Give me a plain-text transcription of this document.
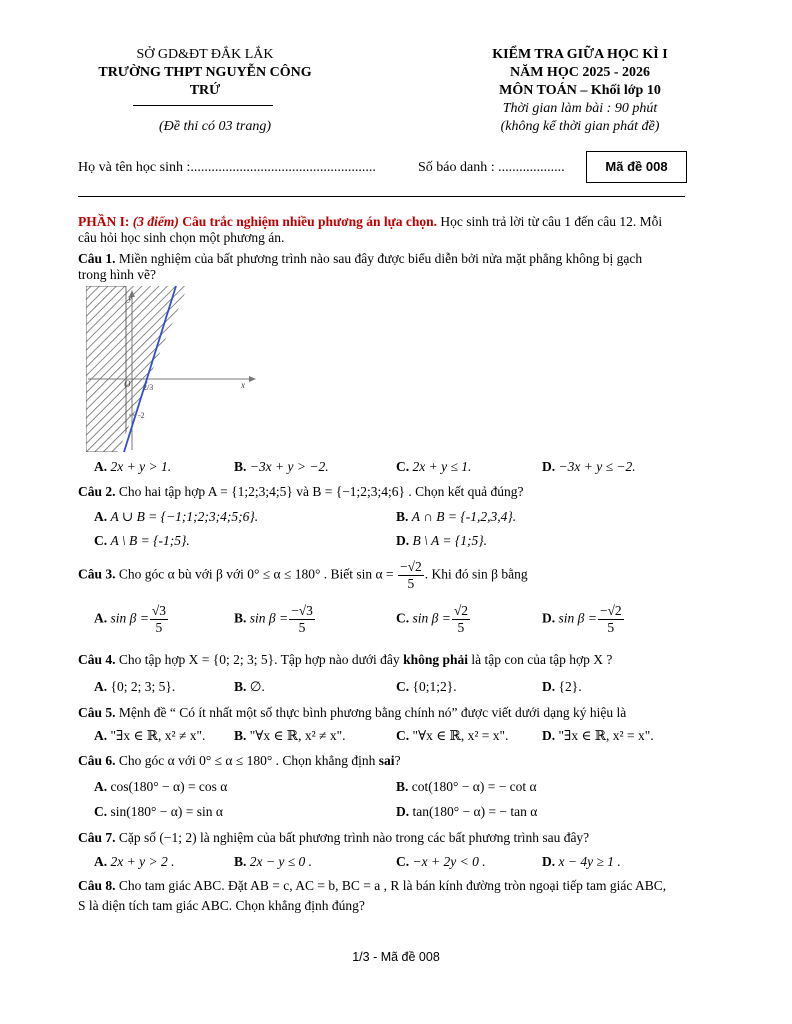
SỞ GD&ĐT ĐẮK LẮK
TRƯỜNG THPT NGUYỄN CÔNG TRỨ
(Đề thi có 03 trang)
KIỂM TRA GIỮA HỌC KÌ I
NĂM HỌC 2025 - 2026
MÔN TOÁN – Khối lớp 10
Thời gian làm bài : 90 phút
(không kể thời gian phát đề)
Họ và tên học sinh :.....................................................	Số báo danh : ...................	Mã đề 008
PHẦN I: (3 điểm) Câu trắc nghiệm nhiều phương án lựa chọn. Học sinh trả lời từ câu 1 đến câu 12. Mỗi
câu hỏi học sinh chọn một phương án.
Câu 1. Miền nghiệm của bất phương trình nào sau đây được biểu diễn bởi nửa mặt phẳng không bị gạch
trong hình vẽ?
y
x
O 2/3
-2
A. 2x + y > 1.	B. −3x + y > −2.	C. 2x + y ≤ 1.	D. −3x + y ≤ −2.
Câu 2. Cho hai tập hợp A = {1;2;3;4;5} và B = {−1;2;3;4;6} . Chọn kết quả đúng?
A. A ∪ B = {−1;1;2;3;4;5;6}.	B. A ∩ B = {-1,2,3,4}.
C. A \ B = {-1;5}.	D. B \ A = {1;5}.
Câu 3. Cho góc α bù với β với 0° ≤ α ≤ 180° . Biết $\sin \alpha = \frac{-√2}{5}$ . Khi đó sin β bằng
A. $\sin \beta = \frac{√3}{5}$	B. $\sin \beta = \frac{-√3}{5}$	C. $\sin \beta = \frac{√2}{5}$	D. $\sin \beta = \frac{-√2}{5}$
Câu 4. Cho tập hợp X = {0; 2; 3; 5}. Tập hợp nào dưới đây không phải là tập con của tập hợp X ?
A. {0; 2; 3; 5}.	B. ∅.	C. {0;1;2}.	D. {2}.
Câu 5. Mệnh đề “ Có ít nhất một số thực bình phương bằng chính nó” được viết dưới dạng ký hiệu là
A. "∃x ∈ ℝ, x² ≠ x". B. "∀x ∈ ℝ, x² ≠ x".	C. "∀x ∈ ℝ, x² = x". D. "∃x ∈ ℝ, x² = x".
Câu 6. Cho góc α với 0° ≤ α ≤ 180° . Chọn khẳng định sai?
A. cos(180° − α) = cos α	B. cot(180° − α) = − cot α
C. sin(180° − α) = sin α	D. tan(180° − α) = − tan α
Câu 7. Cặp số (−1; 2) là nghiệm của bất phương trình nào trong các bất phương trình sau đây?
A. 2x + y > 2 .	B. 2x − y ≤ 0 .	C. −x + 2y < 0 .	D. x − 4y ≥ 1 .
Câu 8. Cho tam giác ABC. Đặt AB = c, AC = b, BC = a , R là bán kính đường tròn ngoại tiếp tam giác ABC,
S là diện tích tam giác ABC. Chọn khẳng định đúng?
1/3 - Mã đề 008
